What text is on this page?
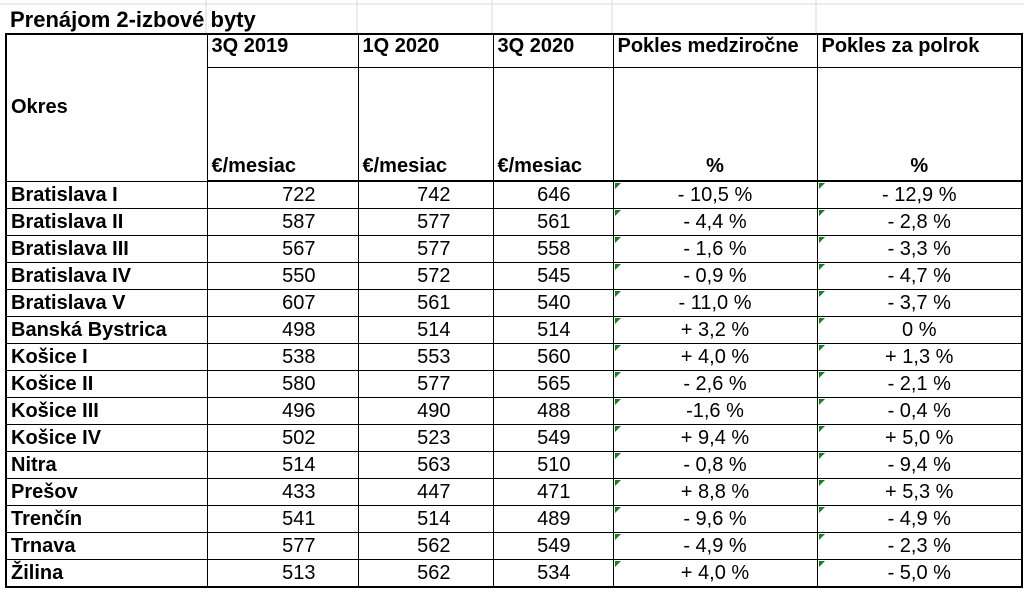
Prenájom 2-izbové byty
Okres	3Q 2019	1Q 2020	3Q 2020	Pokles medziročne	Pokles za polrok
	€/mesiac	€/mesiac	€/mesiac	%	%
Bratislava I	722	742	646	- 10,5 %	- 12,9 %
Bratislava II	587	577	561	- 4,4 %	- 2,8 %
Bratislava III	567	577	558	- 1,6 %	- 3,3 %
Bratislava IV	550	572	545	- 0,9 %	- 4,7 %
Bratislava V	607	561	540	- 11,0 %	- 3,7 %
Banská Bystrica	498	514	514	+ 3,2 %	0 %
Košice I	538	553	560	+ 4,0 %	+ 1,3 %
Košice II	580	577	565	- 2,6 %	- 2,1 %
Košice III	496	490	488	-1,6 %	- 0,4 %
Košice IV	502	523	549	+ 9,4 %	+ 5,0 %
Nitra	514	563	510	- 0,8 %	- 9,4 %
Prešov	433	447	471	+ 8,8 %	+ 5,3 %
Trenčín	541	514	489	- 9,6 %	- 4,9 %
Trnava	577	562	549	- 4,9 %	- 2,3 %
Žilina	513	562	534	+ 4,0 %	- 5,0 %
